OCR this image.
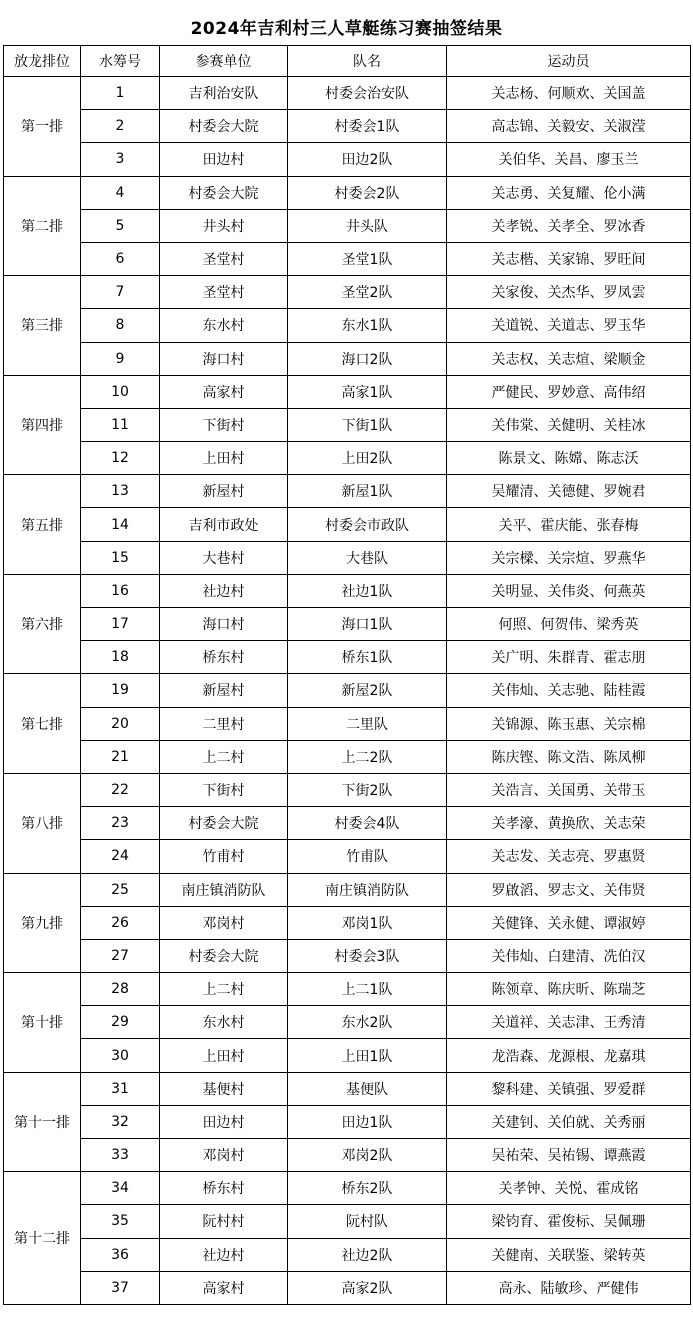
2024年吉利村三人草艇练习赛抽签结果
放龙排位	水筹号	参赛单位	队名	运动员
第一排	1	吉利治安队	村委会治安队	关志杨、何顺欢、关国盖
	2	村委会大院	村委会1队	高志锦、关毅安、关淑滢
	3	田边村	田边2队	关伯华、关昌、廖玉兰
第二排	4	村委会大院	村委会2队	关志勇、关复耀、伦小满
	5	井头村	井头队	关孝锐、关孝全、罗冰香
	6	圣堂村	圣堂1队	关志楷、关家锦、罗旺间
第三排	7	圣堂村	圣堂2队	关家俊、关杰华、罗凤雲
	8	东水村	东水1队	关道锐、关道志、罗玉华
	9	海口村	海口2队	关志权、关志煊、梁顺金
第四排	10	高家村	高家1队	严健民、罗妙意、高伟绍
	11	下街村	下街1队	关伟棠、关健明、关桂冰
	12	上田村	上田2队	陈景文、陈嫦、陈志沃
第五排	13	新屋村	新屋1队	吴耀清、关德健、罗婉君
	14	吉利市政处	村委会市政队	关平、霍庆能、张春梅
	15	大巷村	大巷队	关宗樑、关宗煊、罗燕华
第六排	16	社边村	社边1队	关明显、关伟炎、何燕英
	17	海口村	海口1队	何照、何贺伟、梁秀英
	18	桥东村	桥东1队	关广明、朱群青、霍志朋
第七排	19	新屋村	新屋2队	关伟灿、关志驰、陆桂霞
	20	二里村	二里队	关锦源、陈玉惠、关宗棉
	21	上二村	上二2队	陈庆铿、陈文浩、陈凤柳
第八排	22	下街村	下街2队	关浩言、关国勇、关带玉
	23	村委会大院	村委会4队	关孝濠、黄换欣、关志荣
	24	竹甫村	竹甫队	关志发、关志亮、罗惠贤
第九排	25	南庄镇消防队	南庄镇消防队	罗啟滔、罗志文、关伟贤
	26	邓岗村	邓岗1队	关健锋、关永健、谭淑婷
	27	村委会大院	村委会3队	关伟灿、白建清、冼伯汉
第十排	28	上二村	上二1队	陈领章、陈庆昕、陈瑞芝
	29	东水村	东水2队	关道祥、关志津、王秀清
	30	上田村	上田1队	龙浩森、龙源根、龙嘉琪
第十一排	31	基便村	基便队	黎科建、关镇强、罗爱群
	32	田边村	田边1队	关建钊、关伯就、关秀丽
	33	邓岗村	邓岗2队	吴祐荣、吴祐锡、谭燕霞
第十二排	34	桥东村	桥东2队	关孝钟、关悦、霍成铭
	35	阮村村	阮村队	梁钧育、霍俊标、吴佩珊
	36	社边村	社边2队	关健南、关联鉴、梁转英
	37	高家村	高家2队	高永、陆敏珍、严健伟
